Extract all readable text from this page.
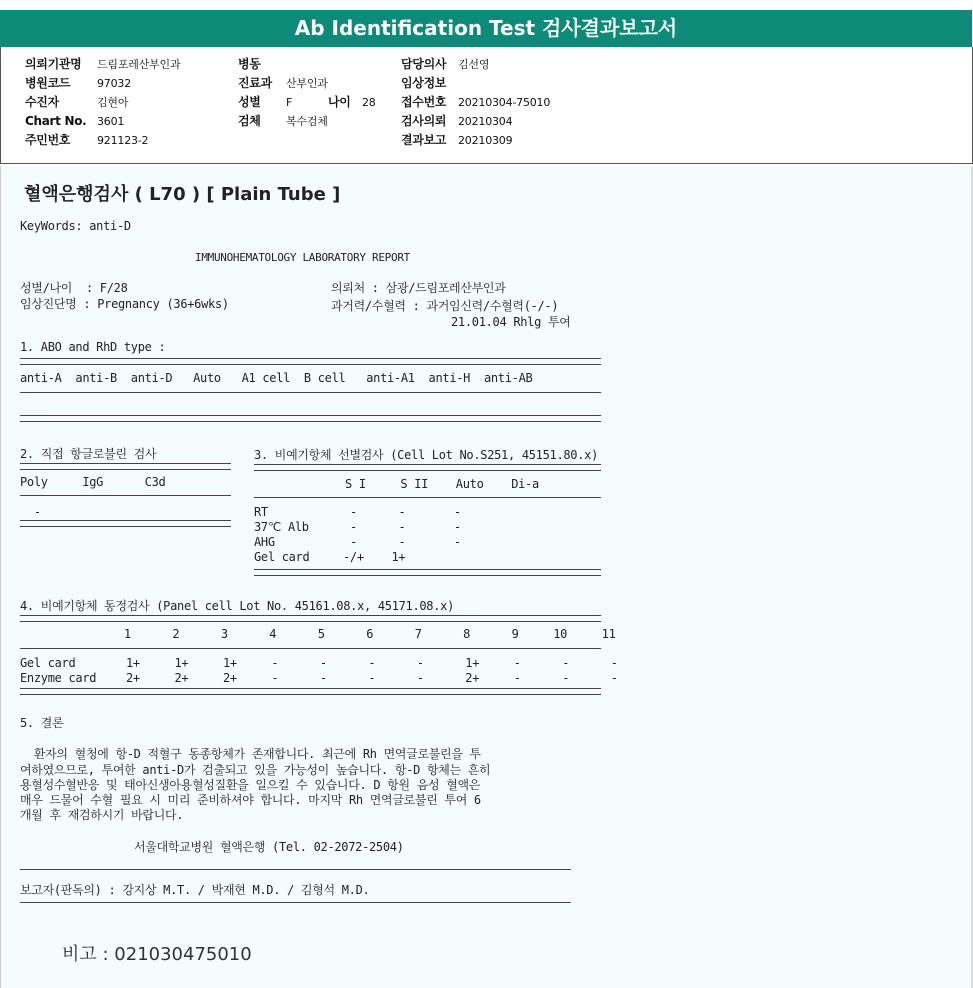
Ab Identification Test 검사결과보고서
의뢰기관명	드림포레산부인과
병원코드	97032
수진자	김현아
Chart No. 3601
주민번호	921123-2
병동
진료과	산부인과
성별	F	나이	28
검체	복수검체
담당의사	김선영
임상정보
접수번호	20210304-75010
검사의뢰	20210304
결과보고	20210309
혈액은행검사 ( L70 ) [ Plain Tube ]
KeyWords: anti-D
IMMUNOHEMATOLOGY LABORATORY REPORT
성별/나이  : F/28
임상진단명 : Pregnancy (36+6wks)
의뢰처 : 삼광/드림포레산부인과
과거력/수혈력 : 과거임신력/수혈력(-/-)
21.01.04 Rhlg 투여
1. ABO and RhD type :
anti-A  anti-B  anti-D   Auto   A1 cell  B cell   anti-A1  anti-H  anti-AB
2. 직접 항글로불린 검사
Poly     IgG      C3d
-
3. 비예기항체 선별검사 (Cell Lot No.S251, 45151.80.x)
S I     S II    Auto    Di-a
RT	-      -       -
37℃ Alb	-      -       -
AHG	-      -       -
Gel card	-/+    1+
4. 비예기항체 동정검사 (Panel cell Lot No. 45161.08.x, 45171.08.x)
1      2      3      4      5      6      7      8      9     10     11
Gel card	1+     1+     1+     -      -      -      -      1+     -      -      -
Enzyme card 2+     2+     2+     -      -      -      -      2+     -      -      -
5. 결론
환자의 혈청에 항-D 적혈구 동종항체가 존재합니다. 최근에 Rh 면역글로불린을 투
여하였으므로, 투여한 anti-D가 검출되고 있을 가능성이 높습니다. 항-D 항체는 흔히
용혈성수혈반응 및 태아신생아용혈성질환을 일으킬 수 있습니다. D 항원 음성 혈액은
매우 드물어 수혈 필요 시 미리 준비하셔야 합니다. 마지막 Rh 면역글로불린 투여 6
개월 후 재검하시기 바랍니다.
서울대학교병원 혈액은행 (Tel. 02-2072-2504)
보고자(판독의) : 강지상 M.T. / 박재현 M.D. / 김형석 M.D.
비고 : 021030475010
